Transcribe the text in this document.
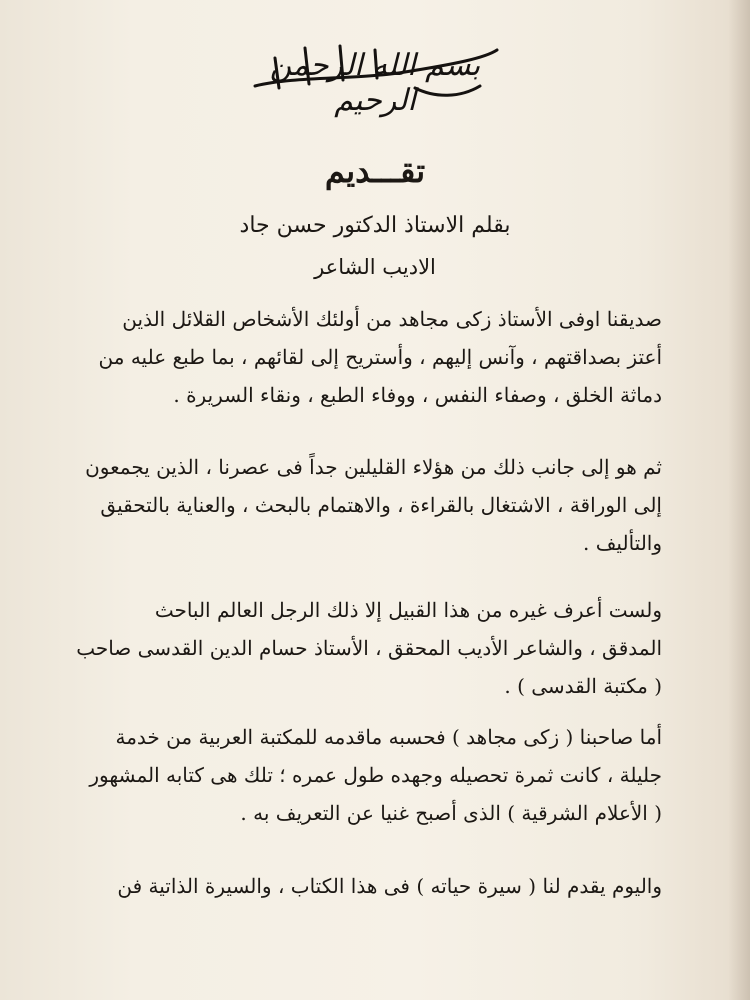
بسم الله الرحمن الرحيم
تقـــديم
بقلم الاستاذ الدكتور حسن جاد
الاديب الشاعر
صديقنا اوفى الأستاذ زكى مجاهد من أولئك الأشخاص القلائل الذين
أعتز بصداقتهم ، وآنس إليهم ، وأستريح إلى لقائهم ، بما طبع عليه من
دماثة الخلق ، وصفاء النفس ، ووفاء الطبع ، ونقاء السريرة .
ثم هو إلى جانب ذلك من هؤلاء القليلين جداً فى عصرنا ، الذين يجمعون
إلى الوراقة ، الاشتغال بالقراءة ، والاهتمام بالبحث ، والعناية بالتحقيق
والتأليف .
ولست أعرف غيره من هذا القبيل إلا ذلك الرجل العالم الباحث
المدقق ، والشاعر الأديب المحقق ، الأستاذ حسام الدين القدسى صاحب
( مكتبة القدسى ) .
أما صاحبنا ( زكى مجاهد ) فحسبه ماقدمه للمكتبة العربية من خدمة
جليلة ، كانت ثمرة تحصيله وجهده طول عمره ؛ تلك هى كتابه المشهور
( الأعلام الشرقية ) الذى أصبح غنيا عن التعريف به .
واليوم يقدم لنا ( سيرة حياته ) فى هذا الكتاب ، والسيرة الذاتية فن
